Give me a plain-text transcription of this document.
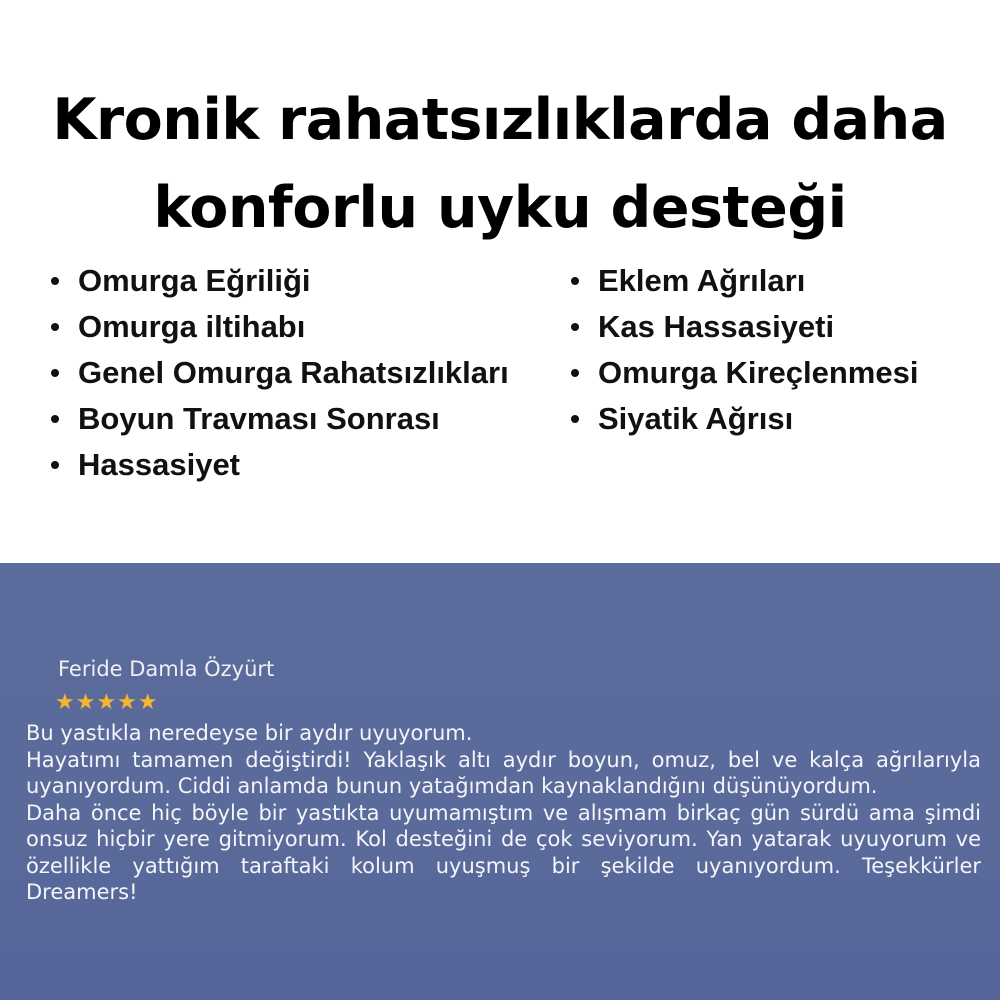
Kronik rahatsızlıklarda daha
konforlu uyku desteği
Omurga Eğriliği
Omurga iltihabı
Genel Omurga Rahatsızlıkları
Boyun Travması Sonrası
Hassasiyet
Eklem Ağrıları
Kas Hassasiyeti
Omurga Kireçlenmesi
Siyatik Ağrısı
Feride Damla Özyürt
★★★★★

Bu yastıkla neredeyse bir aydır uyuyorum.

Hayatımı tamamen değiştirdi! Yaklaşık altı aydır boyun, omuz, bel ve kalça ağrılarıyla uyanıyordum. Ciddi anlamda bunun yatağımdan kaynaklandığını düşünüyordum.

Daha önce hiç böyle bir yastıkta uyumamıştım ve alışmam birkaç gün sürdü ama şimdi onsuz hiçbir yere gitmiyorum. Kol desteğini de çok seviyorum. Yan yatarak uyuyorum ve özellikle yattığım taraftaki kolum uyuşmuş bir şekilde uyanıyordum. Teşekkürler Dreamers!
